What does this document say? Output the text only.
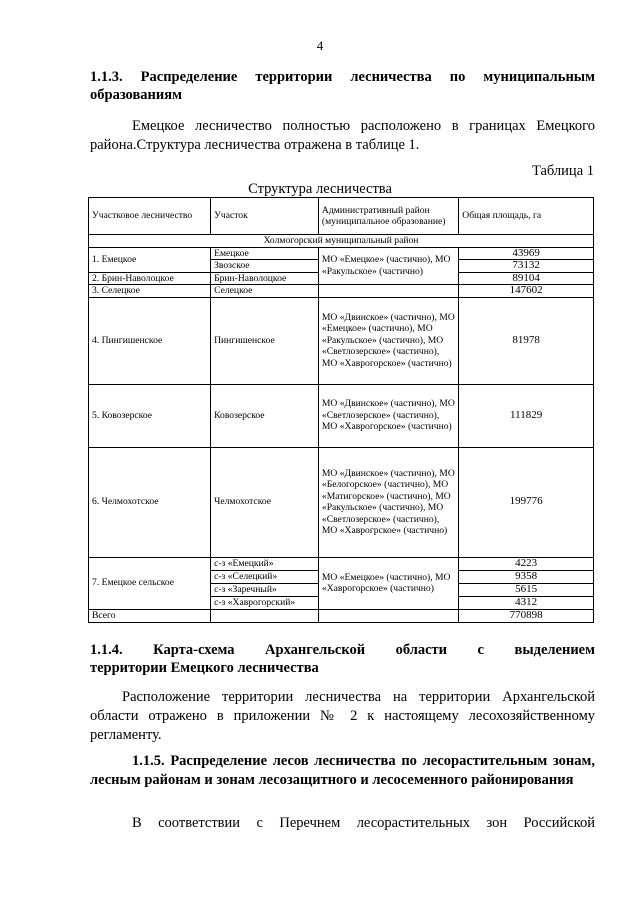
4
1.1.3. Распределение территории лесничества по муниципальным
образованиям
Емецкое лесничество полностью расположено в границах Емецкого района.Структура лесничества отражена в таблице 1.
Таблица 1
Структура лесничества
Участковое лесничество	Участок	Административный район (муниципальное образование)	Общая площадь, га
Холмогорский муниципальный район			
1. Емецкое	Емецкое	МО «Емецкое» (частично), МО «Ракульское» (частично)	43969
	Звозское		73132
2. Брин-Наволоцкое	Брин-Наволоцкое		89104
3. Селецкое	Селецкое		147602
4. Пингишенское	Пингишенское	МО «Двинское» (частично), МО «Емецкое» (частично), МО «Ракульское» (частично), МО «Светлозерское» (частично), МО «Хаврогорское» (частично)	81978
5. Ковозерское	Ковозерское	МО «Двинское» (частично), МО «Светлозерское» (частично), МО «Хаврогорское» (частично)	111829
6. Челмохотское	Челмохотское	МО «Двинское» (частично), МО «Белогорское» (частично), МО «Матигорское» (частично), МО «Ракульское» (частично), МО «Светлозерское» (частично), МО «Хаврогрское» (частично)	199776
7. Емецкое сельское	с-з «Емецкий»	МО «Емецкое» (частично), МО «Хаврогорское» (частично)	4223
	с-з «Селецкий»		9358
	с-з «Заречный»		5615
	с-з «Хаврогорский»		4312
Всего			770898
1.1.4. Карта-схема Архангельской области с выделением
территории Емецкого лесничества
Расположение территории лесничества на территории Архангельской области отражено в приложении № 2 к настоящему лесохозяйственному регламенту.
1.1.5. Распределение лесов лесничества по лесорастительным зонам, лесным районам и зонам лесозащитного и лесосеменного районирования
В соответствии с Перечнем лесорастительных зон Российской
